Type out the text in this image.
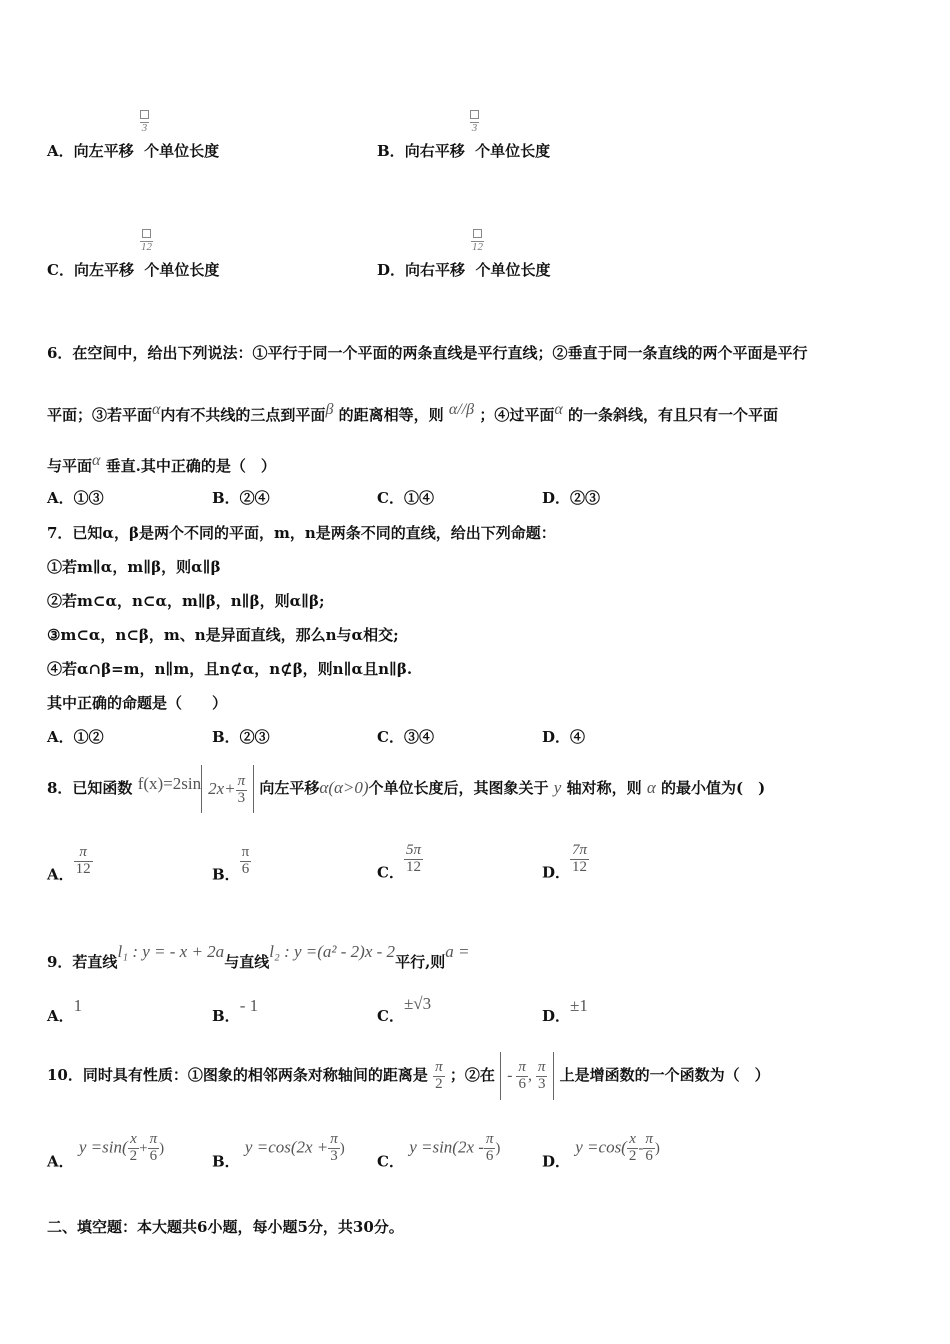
3
A．向左平移 个单位长度
3
B．向右平移 个单位长度
12
C．向左平移 个单位长度
12
D．向右平移 个单位长度
6．在空间中，给出下列说法：①平行于同一个平面的两条直线是平行直线；②垂直于同一条直线的两个平面是平行
平面；③若平面$^\alpha$内有不共线的三点到平面$^\beta$ 的距离相等，则 $^{\alpha//\beta}$ ；④过平面$^\alpha$ 的一条斜线，有且只有一个平面
与平面$^\alpha$ 垂直.其中正确的是（　）
A．①③	B．②④	C．①④	D．②③
7．已知α，β是两个不同的平面，m，n是两条不同的直线，给出下列命题：
①若m∥α，m∥β，则α∥β
②若m⊂α，n⊂α，m∥β，n∥β，则α∥β;
③m⊂α，n⊂β，m、n是异面直线，那么n与α相交;
④若α∩β=m，n∥m，且n⊄α，n⊄β，则n∥α且n∥β.
其中正确的命题是（　　）
A．①②	B．②③	C．③④	D．④
8．已知函数 f(x)=2sin $2x+ \frac{\pi}{3}$ 向左平移α(α>0)个单位长度后，其图象关于 y 轴对称，则 α 的最小值为(　)
A． $\frac{\pi}{12}$	B． $\frac{\pi}{6}$	C． $\frac{5\pi}{12}$	D． $\frac{7\pi}{12}$
9．若直线l₁ : y = - x + 2a与直线l₂ : y =(a² - 2)x - 2平行,则a =
A．1
B．- 1
C．±√3
D．±1
10．同时具有性质：①图象的相邻两条对称轴间的距离是 $\frac{\pi}{2}$ ；②在 - $\frac{\pi}{6}$ , $\frac{\pi}{3}$ 上是增函数的一个函数为（　）
A． $y =\sin( \frac{x}{2} + \frac{\pi}{6}$ )
B． $y =\cos(2x + \frac{\pi}{3}$ )
C． $y =\sin(2x - \frac{\pi}{6}$ )
D． $y =\cos( \frac{x}{2} - \frac{\pi}{6}$ )
二、填空题：本大题共6小题，每小题5分，共30分。
